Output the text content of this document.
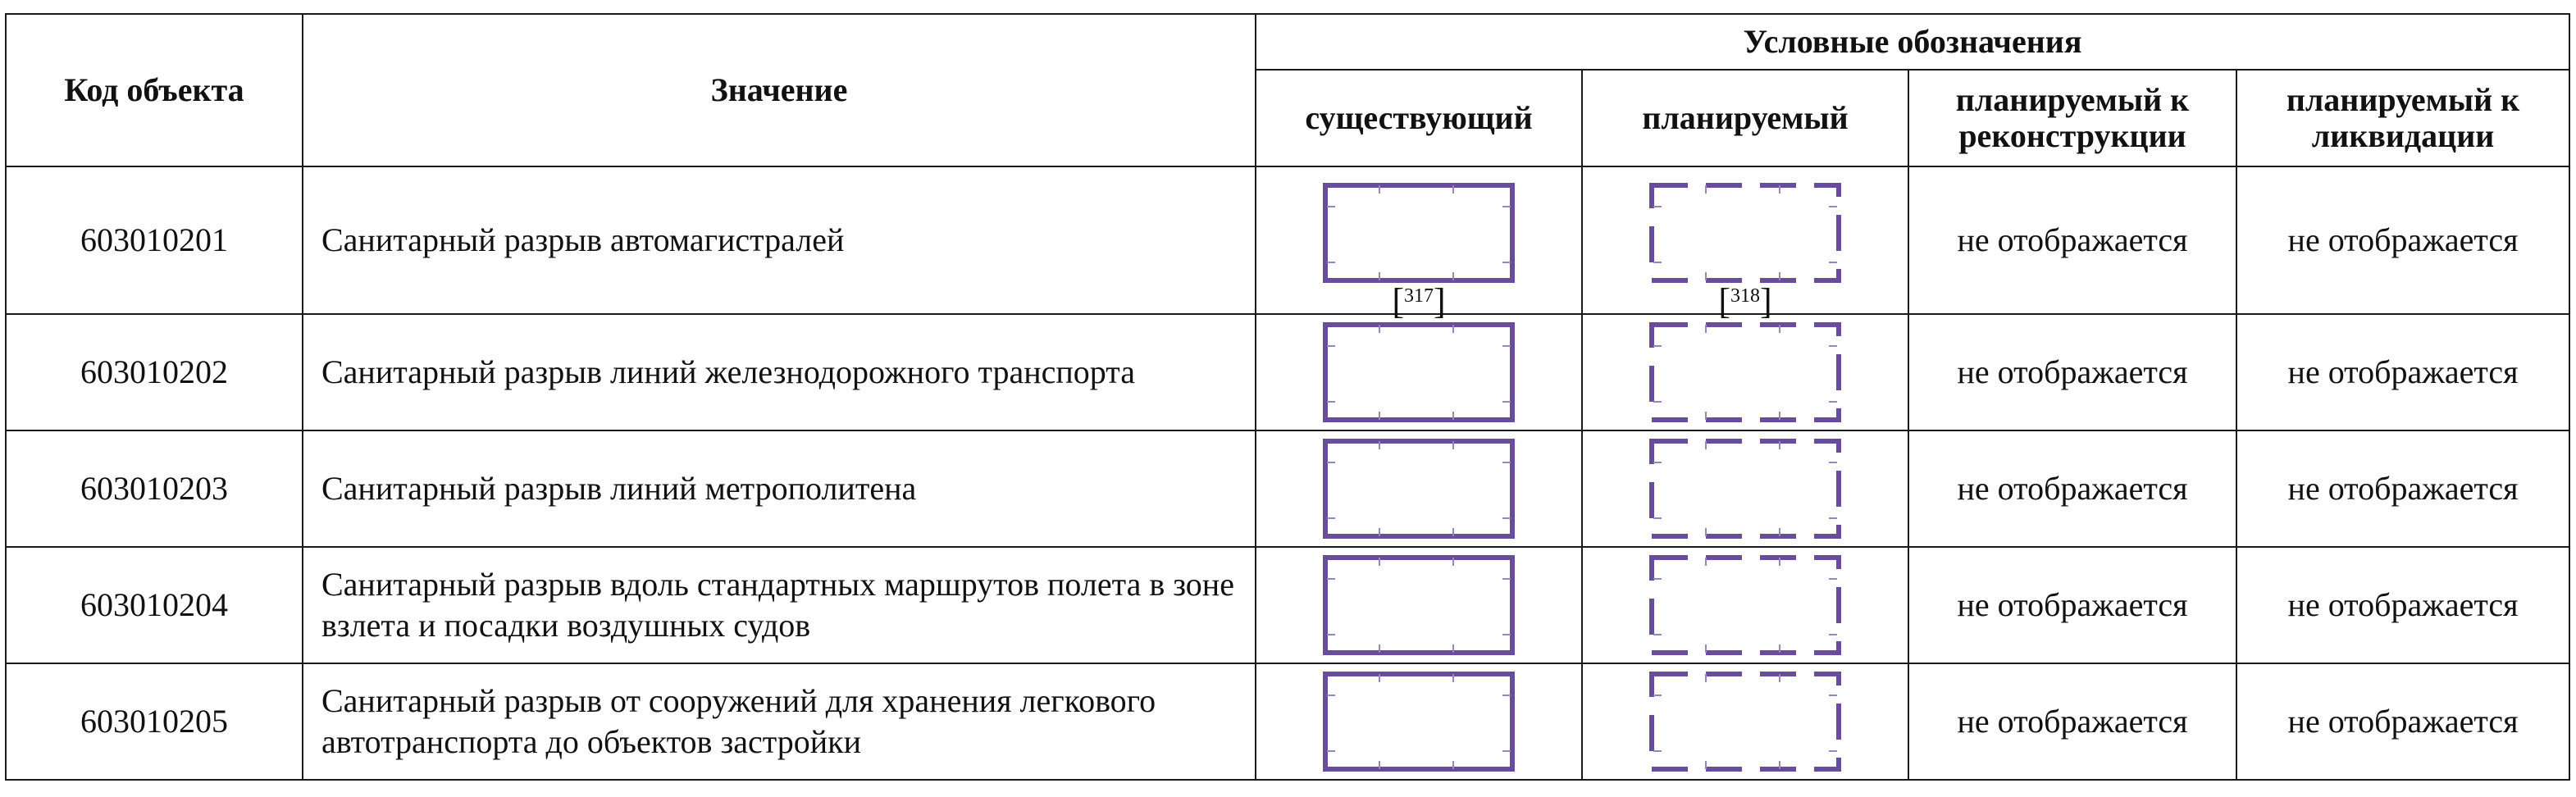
Код объекта	Значение	Условные обозначения			
		существующий	планируемый	планируемый к реконструкции	планируемый к ликвидации
603010201	Санитарный разрыв автомагистралей	[$^{317}$]	[$^{318}$]	не отображается	не отображается
603010202	Санитарный разрыв линий железнодорожного транспорта			не отображается	не отображается
603010203	Санитарный разрыв линий метрополитена			не отображается	не отображается
603010204	Санитарный разрыв вдоль стандартных маршрутов полета в зоне взлета и посадки воздушных судов			не отображается	не отображается
603010205	Санитарный разрыв от сооружений для хранения легкового автотранспорта до объектов застройки			не отображается	не отображается
